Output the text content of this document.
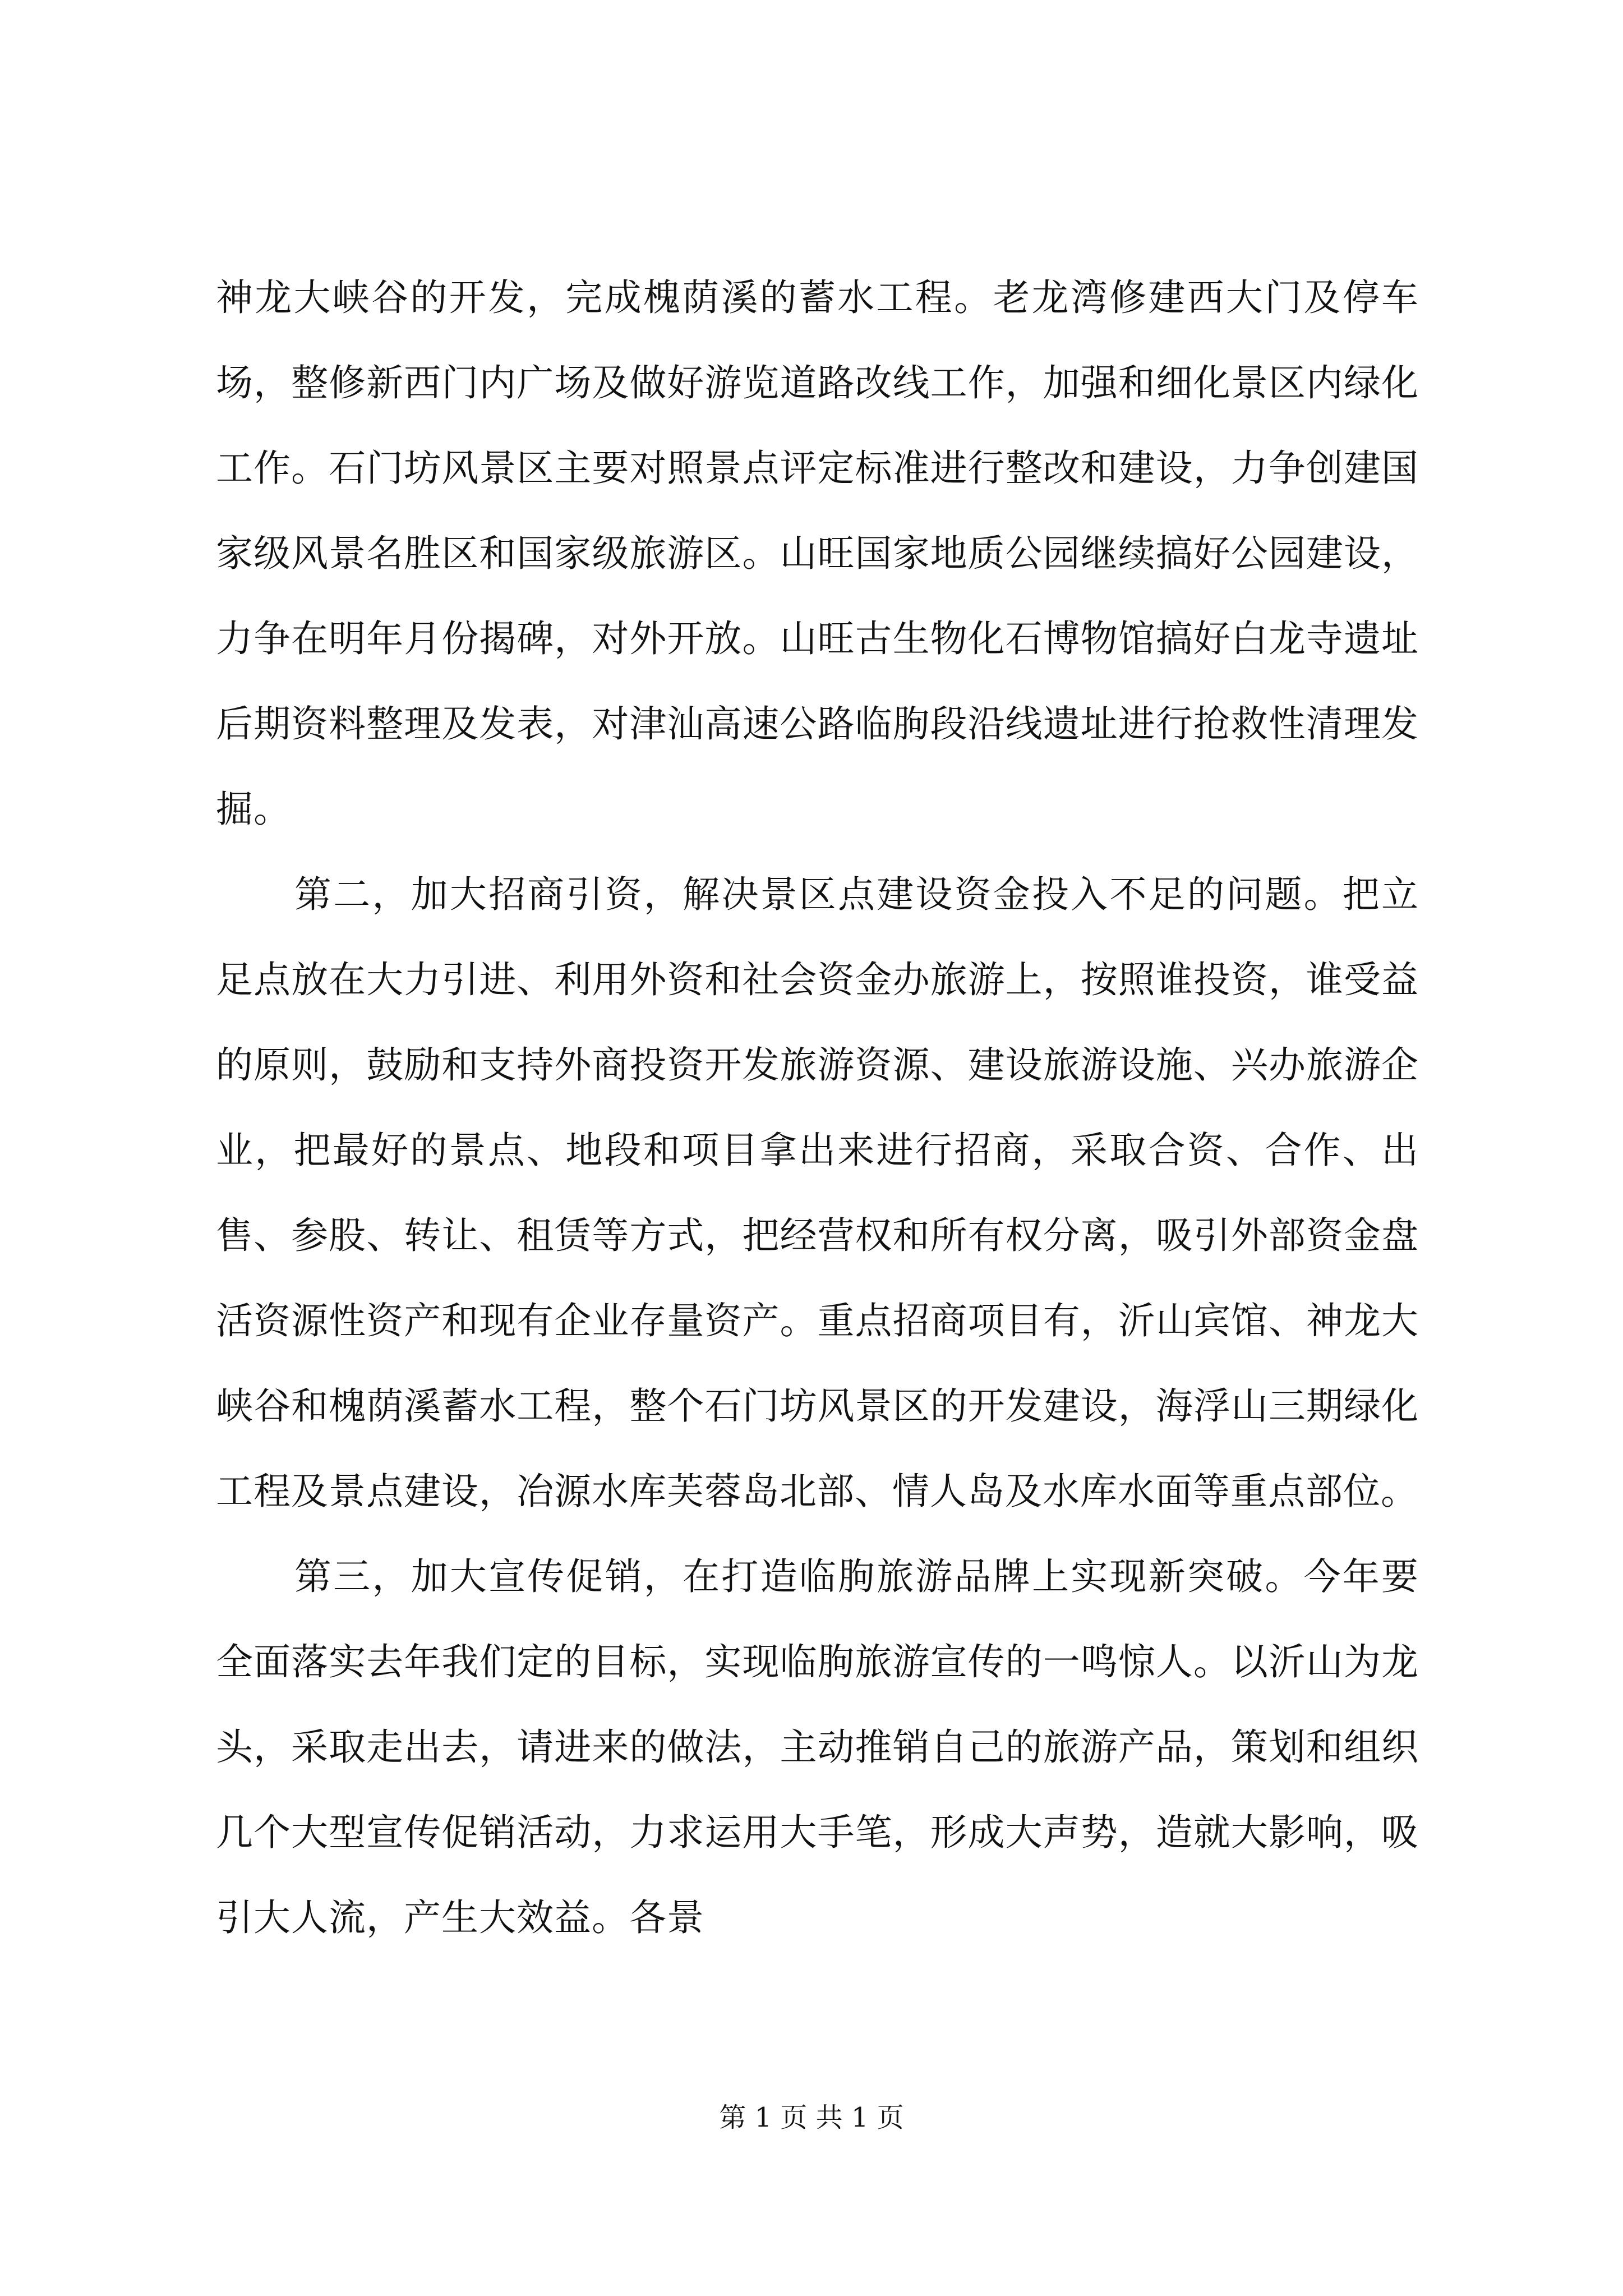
神龙大峡谷的开发，完成槐荫溪的蓄水工程。老龙湾修建西大门及停车场，整修新西门内广场及做好游览道路改线工作，加强和细化景区内绿化工作。石门坊风景区主要对照景点评定标准进行整改和建设，力争创建国家级风景名胜区和国家级旅游区。山旺国家地质公园继续搞好公园建设，力争在明年月份揭碑，对外开放。山旺古生物化石博物馆搞好白龙寺遗址后期资料整理及发表，对津汕高速公路临朐段沿线遗址进行抢救性清理发掘。

第二，加大招商引资，解决景区点建设资金投入不足的问题。把立足点放在大力引进、利用外资和社会资金办旅游上，按照谁投资，谁受益的原则，鼓励和支持外商投资开发旅游资源、建设旅游设施、兴办旅游企业，把最好的景点、地段和项目拿出来进行招商，采取合资、合作、出售、参股、转让、租赁等方式，把经营权和所有权分离，吸引外部资金盘活资源性资产和现有企业存量资产。重点招商项目有，沂山宾馆、神龙大峡谷和槐荫溪蓄水工程，整个石门坊风景区的开发建设，海浮山三期绿化工程及景点建设，冶源水库芙蓉岛北部、情人岛及水库水面等重点部位。

第三，加大宣传促销，在打造临朐旅游品牌上实现新突破。今年要全面落实去年我们定的目标，实现临朐旅游宣传的一鸣惊人。以沂山为龙头，采取走出去，请进来的做法，主动推销自己的旅游产品，策划和组织几个大型宣传促销活动，力求运用大手笔，形成大声势，造就大影响，吸引大人流，产生大效益。各景

第 1 页 共 1 页
